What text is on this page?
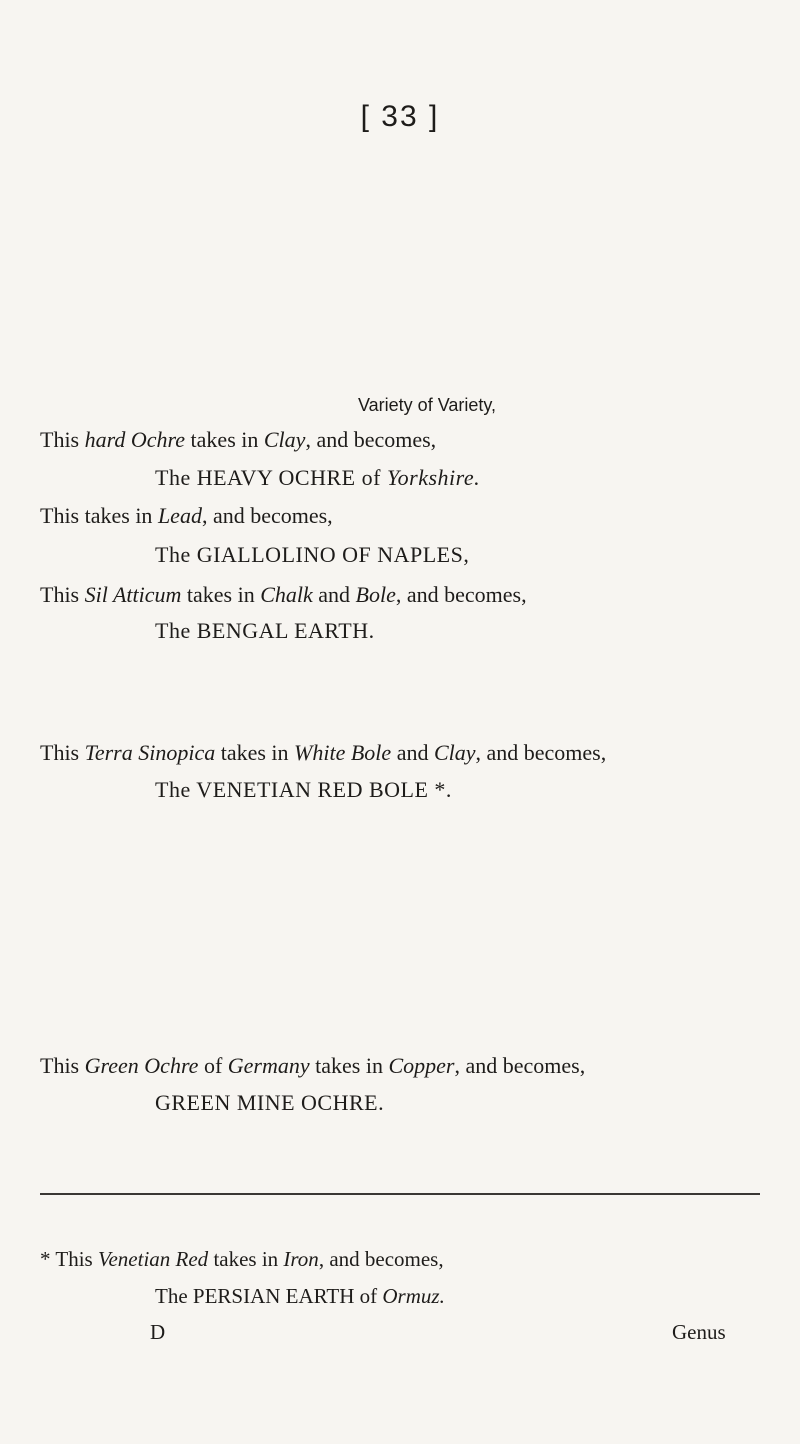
[ 33 ]
Variety of Variety,
This hard Ochre takes in Clay, and becomes,
The HEAVY OCHRE of Yorkshire.
This takes in Lead, and becomes,
The GIALLOLINO OF NAPLES,
This Sil Atticum takes in Chalk and Bole, and becomes,
The BENGAL EARTH.
This Terra Sinopica takes in White Bole and Clay, and becomes,
The VENETIAN RED BOLE *.
This Green Ochre of Germany takes in Copper, and becomes,
GREEN MINE OCHRE.
* This Venetian Red takes in Iron, and becomes,
The PERSIAN EARTH of Ormuz.
D	Genus
